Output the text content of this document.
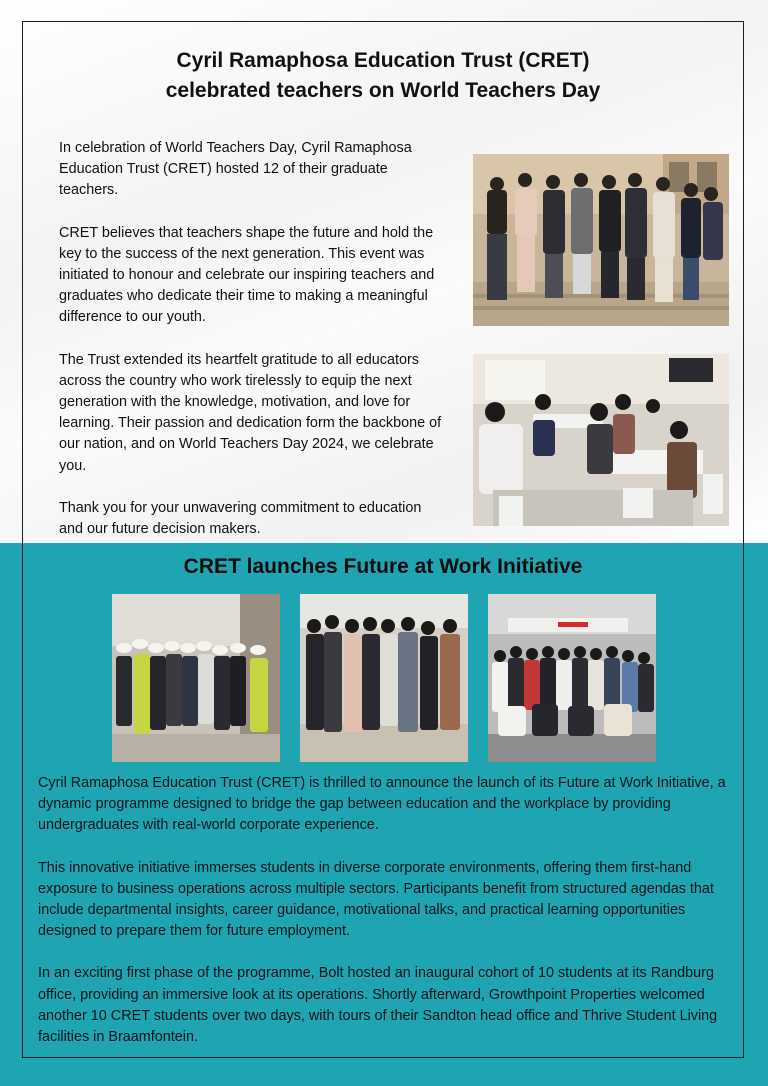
Cyril Ramaphosa Education Trust (CRET)
celebrated teachers on World Teachers Day

In celebration of World Teachers Day, Cyril Ramaphosa Education Trust (CRET) hosted 12 of their graduate teachers.

CRET believes that teachers shape the future and hold the key to the success of the next generation. This event was initiated to honour and celebrate our inspiring teachers and graduates who dedicate their time to making a meaningful difference to our youth.

The Trust extended its heartfelt gratitude to all educators across the country who work tirelessly to equip the next generation with the knowledge, motivation, and love for learning. Their passion and dedication form the backbone of our nation, and on World Teachers Day 2024, we celebrate you.

Thank you for your unwavering commitment to education and our future decision makers.

CRET launches Future at Work Initiative

Cyril Ramaphosa Education Trust (CRET) is thrilled to announce the launch of its Future at Work Initiative, a dynamic programme designed to bridge the gap between education and the workplace by providing undergraduates with real-world corporate experience.

This innovative initiative immerses students in diverse corporate environments, offering them first-hand exposure to business operations across multiple sectors. Participants benefit from structured agendas that include departmental insights, career guidance, motivational talks, and practical learning opportunities designed to prepare them for future employment.

In an exciting first phase of the programme, Bolt hosted an inaugural cohort of 10 students at its Randburg office, providing an immersive look at its operations. Shortly afterward, Growthpoint Properties welcomed another 10 CRET students over two days, with tours of their Sandton head office and Thrive Student Living facilities in Braamfontein.
